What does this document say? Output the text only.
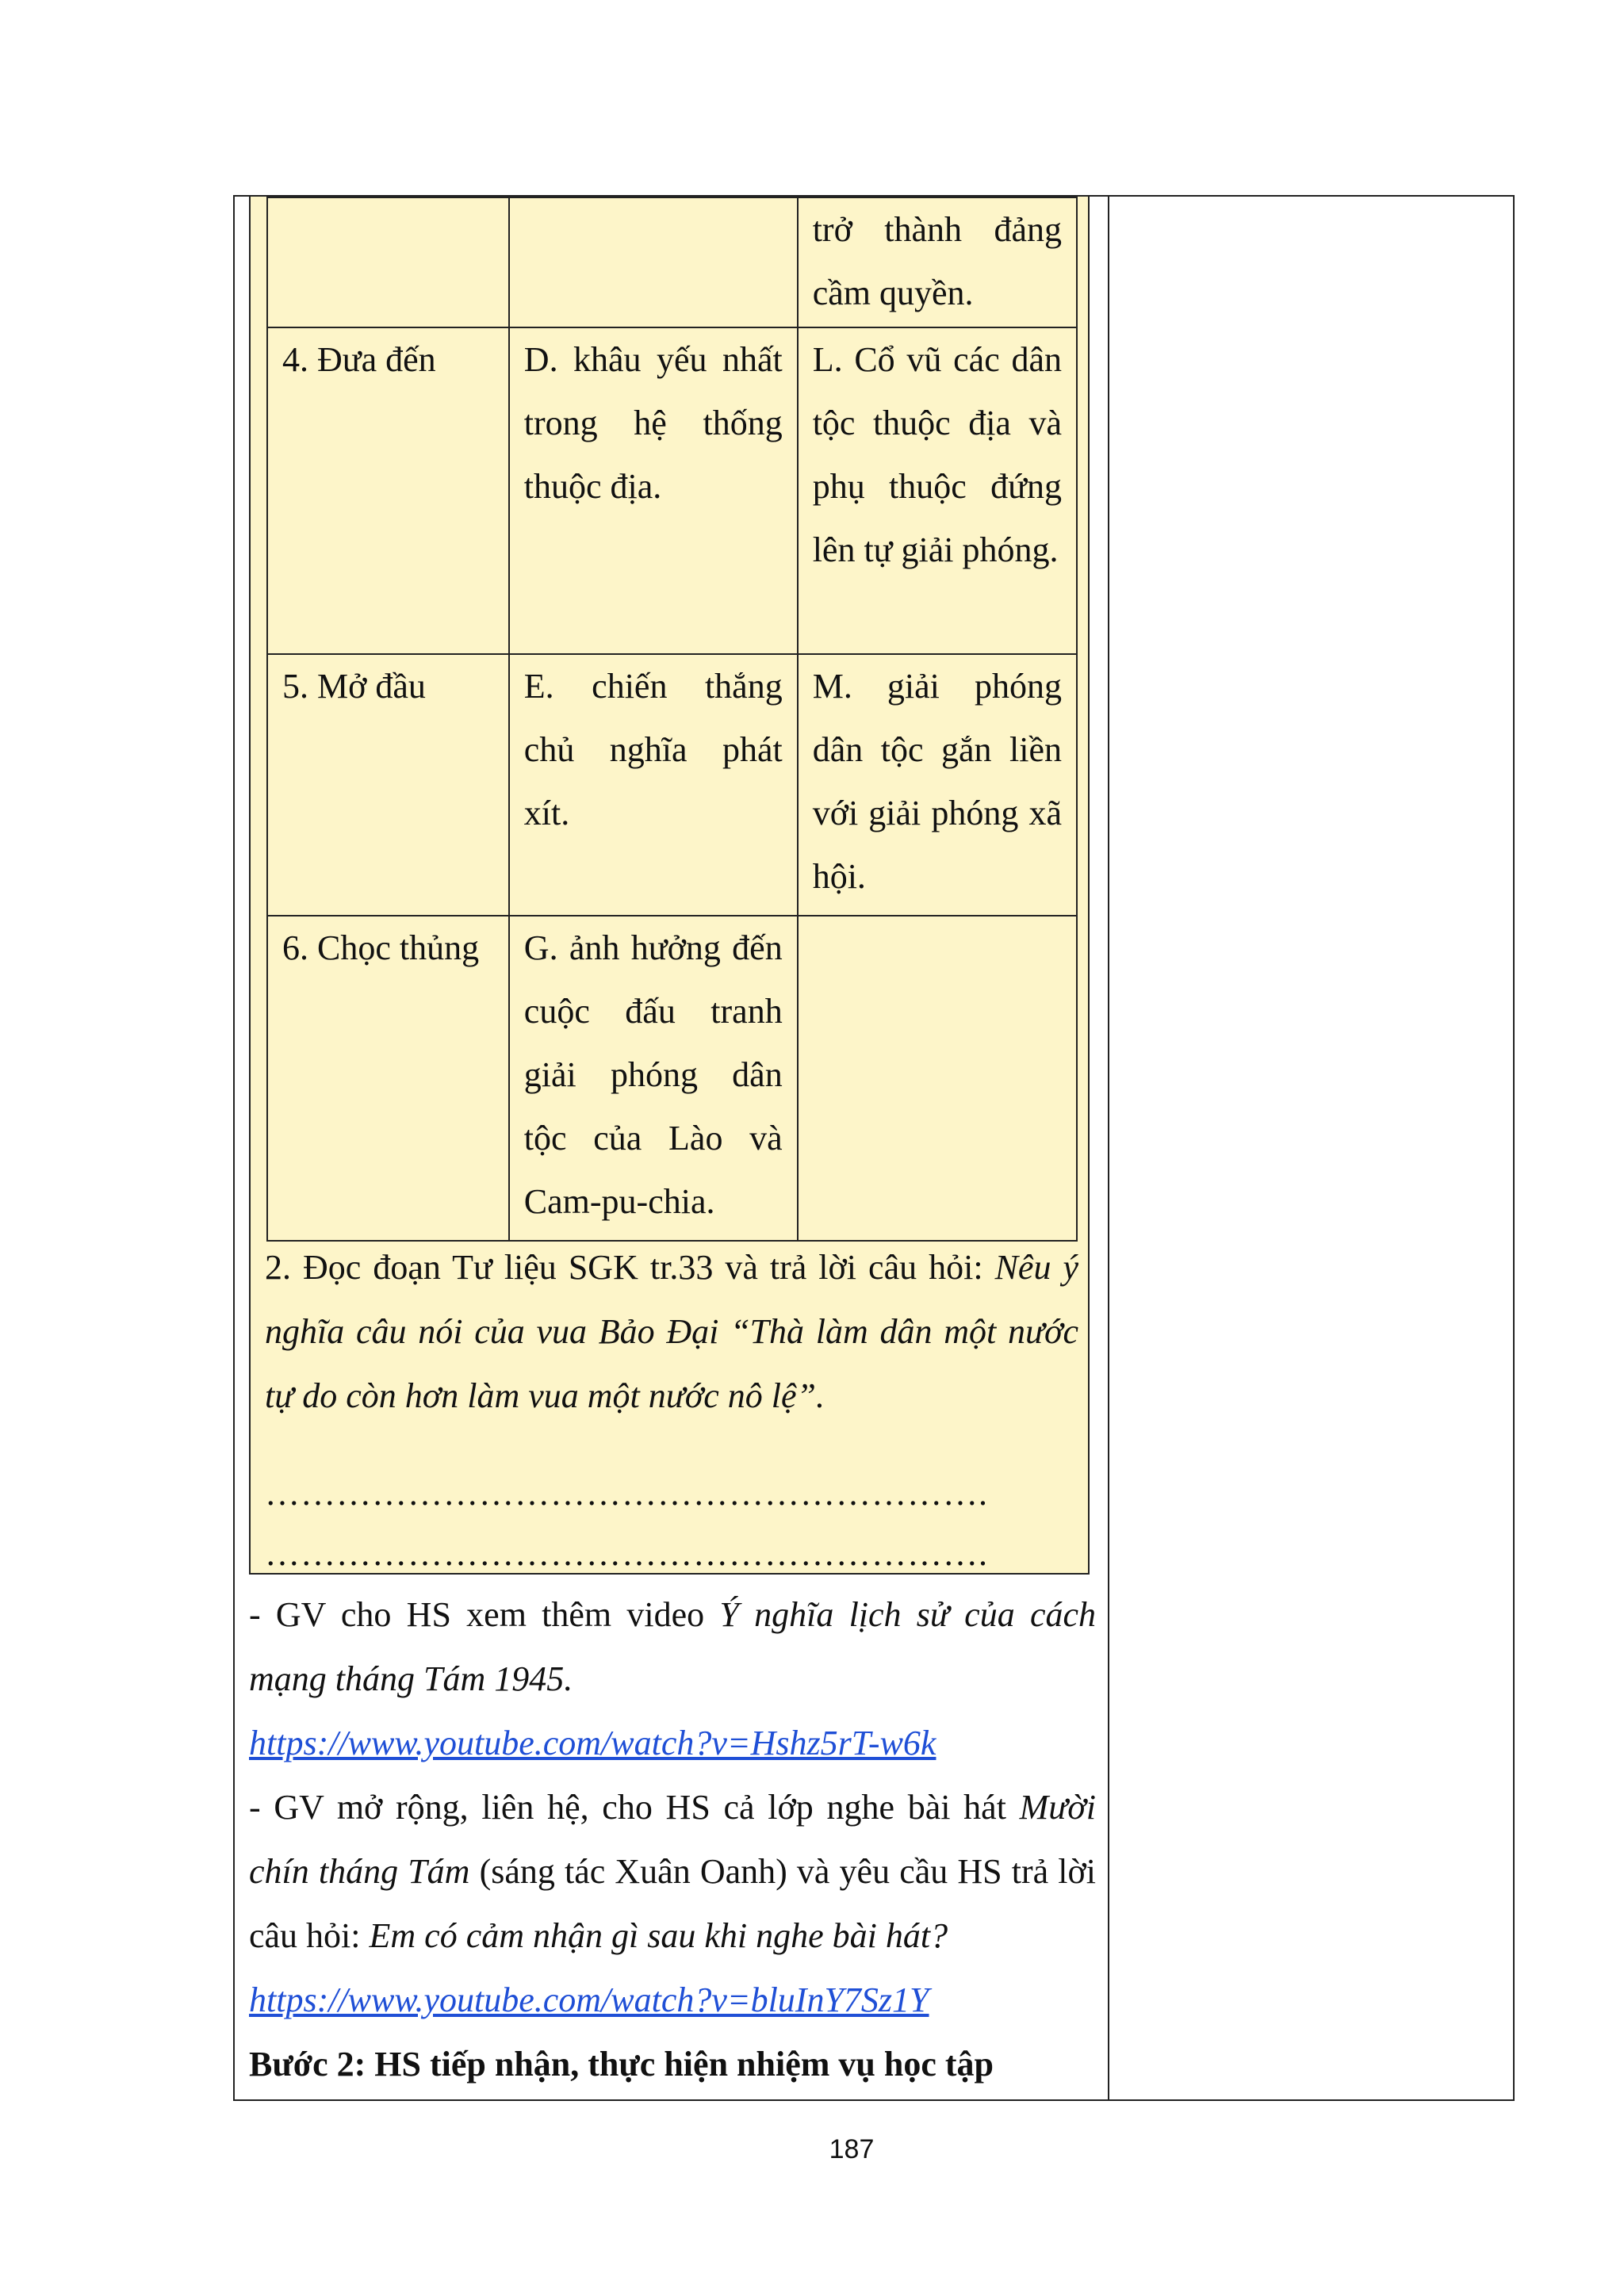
		trở thành đảng cầm quyền.
4. Đưa đến	D. khâu yếu nhất trong hệ thống thuộc địa.	L. Cổ vũ các dân tộc thuộc địa và phụ thuộc đứng lên tự giải phóng.
5. Mở đầu	E. chiến thắng chủ nghĩa phát xít.	M. giải phóng dân tộc gắn liền với giải phóng xã hội.
6. Chọc thủng	G. ảnh hưởng đến cuộc đấu tranh giải phóng dân tộc của Lào và Cam-pu-chia.	
2. Đọc đoạn Tư liệu SGK tr.33 và trả lời câu hỏi: Nêu ý nghĩa câu nói của vua Bảo Đại “Thà làm dân một nước tự do còn hơn làm vua một nước nô lệ”.
…………………………………………………….
…………………………………………………….

- GV cho HS xem thêm video Ý nghĩa lịch sử của cách mạng tháng Tám 1945.

https://www.youtube.com/watch?v=Hshz5rT-w6k

- GV mở rộng, liên hệ, cho HS cả lớp nghe bài hát Mười chín tháng Tám (sáng tác Xuân Oanh) và yêu cầu HS trả lời câu hỏi: Em có cảm nhận gì sau khi nghe bài hát?

https://www.youtube.com/watch?v=bluInY7Sz1Y

Bước 2: HS tiếp nhận, thực hiện nhiệm vụ học tập

187
